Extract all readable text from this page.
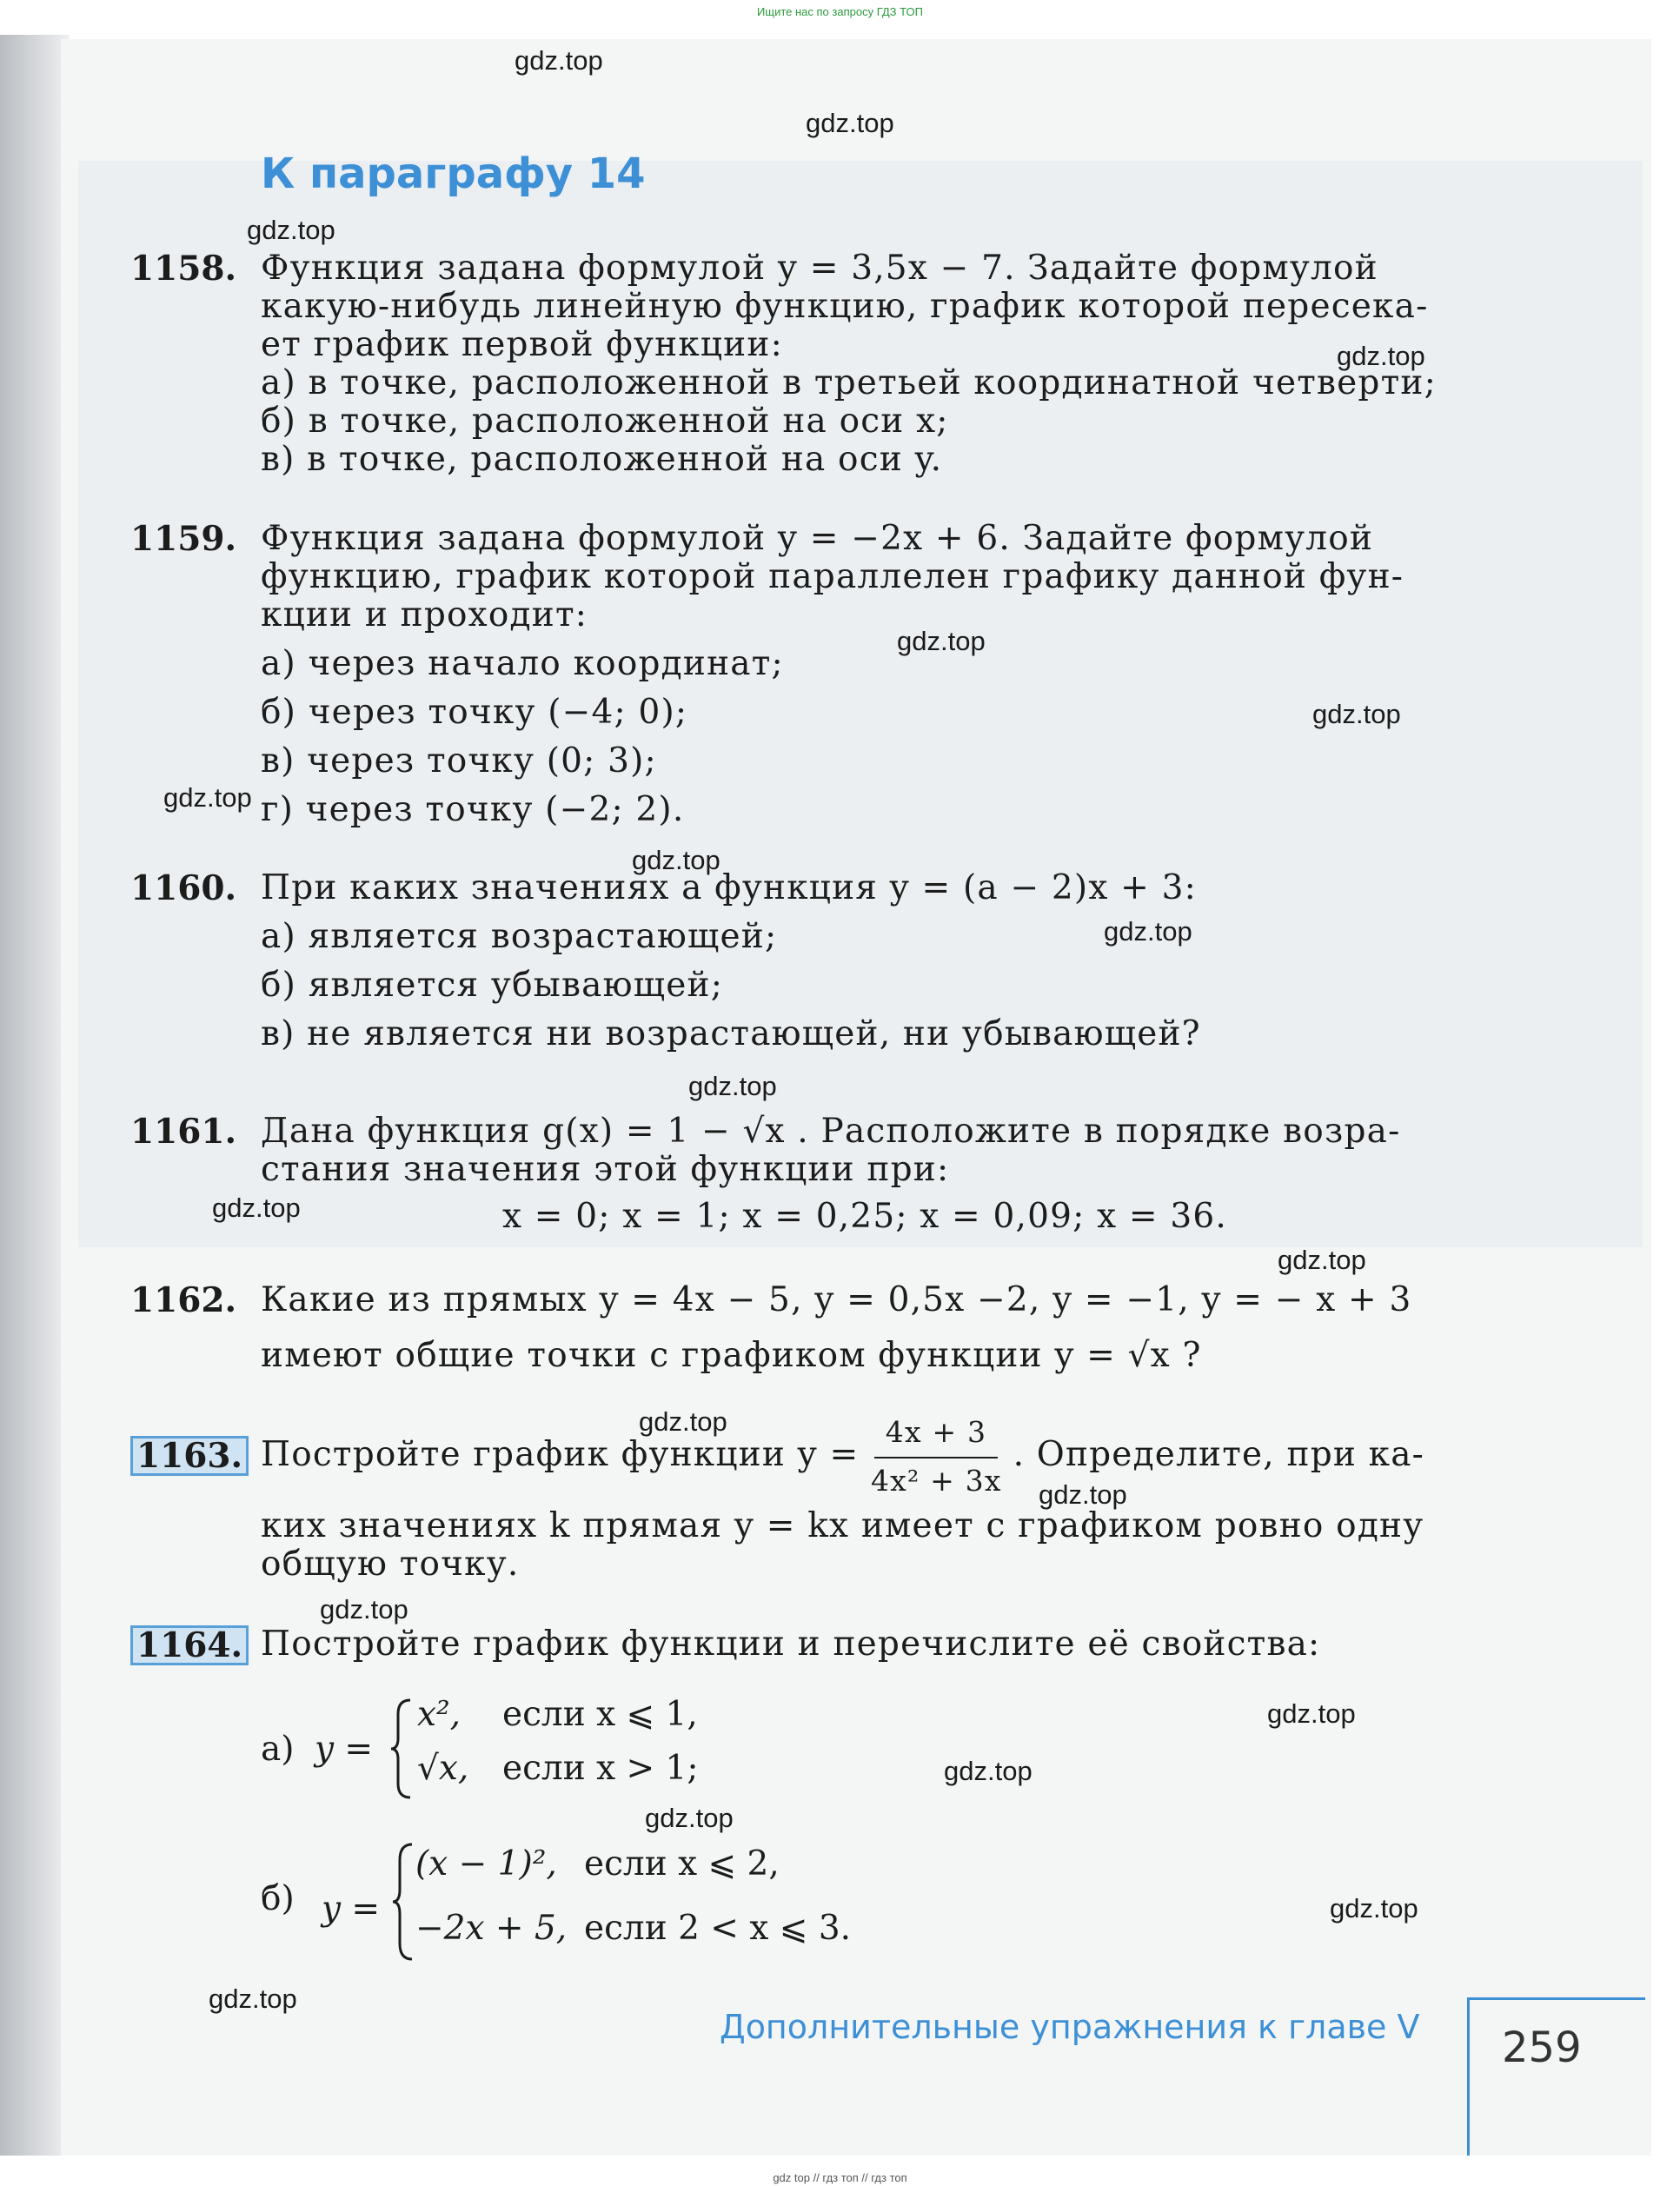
Ищите нас по запросу ГДЗ ТОП
gdz.top
gdz.top
gdz.top
gdz.top
gdz.top
gdz.top
gdz.top
gdz.top
gdz.top
gdz.top
gdz.top
gdz.top
gdz.top
gdz.top
gdz.top
gdz.top
gdz.top
gdz.top
gdz.top
gdz.top
К параграфу 14
1158. Функция задана формулой y = 3,5x − 7. Задайте формулой
какую-нибудь линейную функцию, график которой пересека-
ет график первой функции:
а) в точке, расположенной в третьей координатной четверти;
б) в точке, расположенной на оси x;
в) в точке, расположенной на оси y.
1159. Функция задана формулой y = −2x + 6. Задайте формулой
функцию, график которой параллелен графику данной фун-
кции и проходит:
а) через начало координат;
б) через точку (−4; 0);
в) через точку (0; 3);
г) через точку (−2; 2).
1160. При каких значениях a функция y = (a − 2)x + 3:
а) является возрастающей;
б) является убывающей;
в) не является ни возрастающей, ни убывающей?
1161. Дана функция g(x) = 1 − √x . Расположите в порядке возра-
стания значения этой функции при:
x = 0; x = 1; x = 0,25; x = 0,09; x = 36.
1162. Какие из прямых y = 4x − 5, y = 0,5x −2, y = −1, y = − x + 3
имеют общие точки с графиком функции y = √x ?
1163. Постройте график функции $y = \frac{4x + 3}{\text{4x² + 3x}}$ . Определите, при ка-
ких значениях k прямая y = kx имеет с графиком ровно одну
общую точку.
1164. Постройте график функции и перечислите её свойства:
а) y =
x², если x ⩽ 1,
√x, если x > 1;
б) y =
(x − 1)², если x ⩽ 2,
−2x + 5, если 2 < x ⩽ 3.
Дополнительные упражнения к главе V 259
gdz top // гдз топ // гдз топ
